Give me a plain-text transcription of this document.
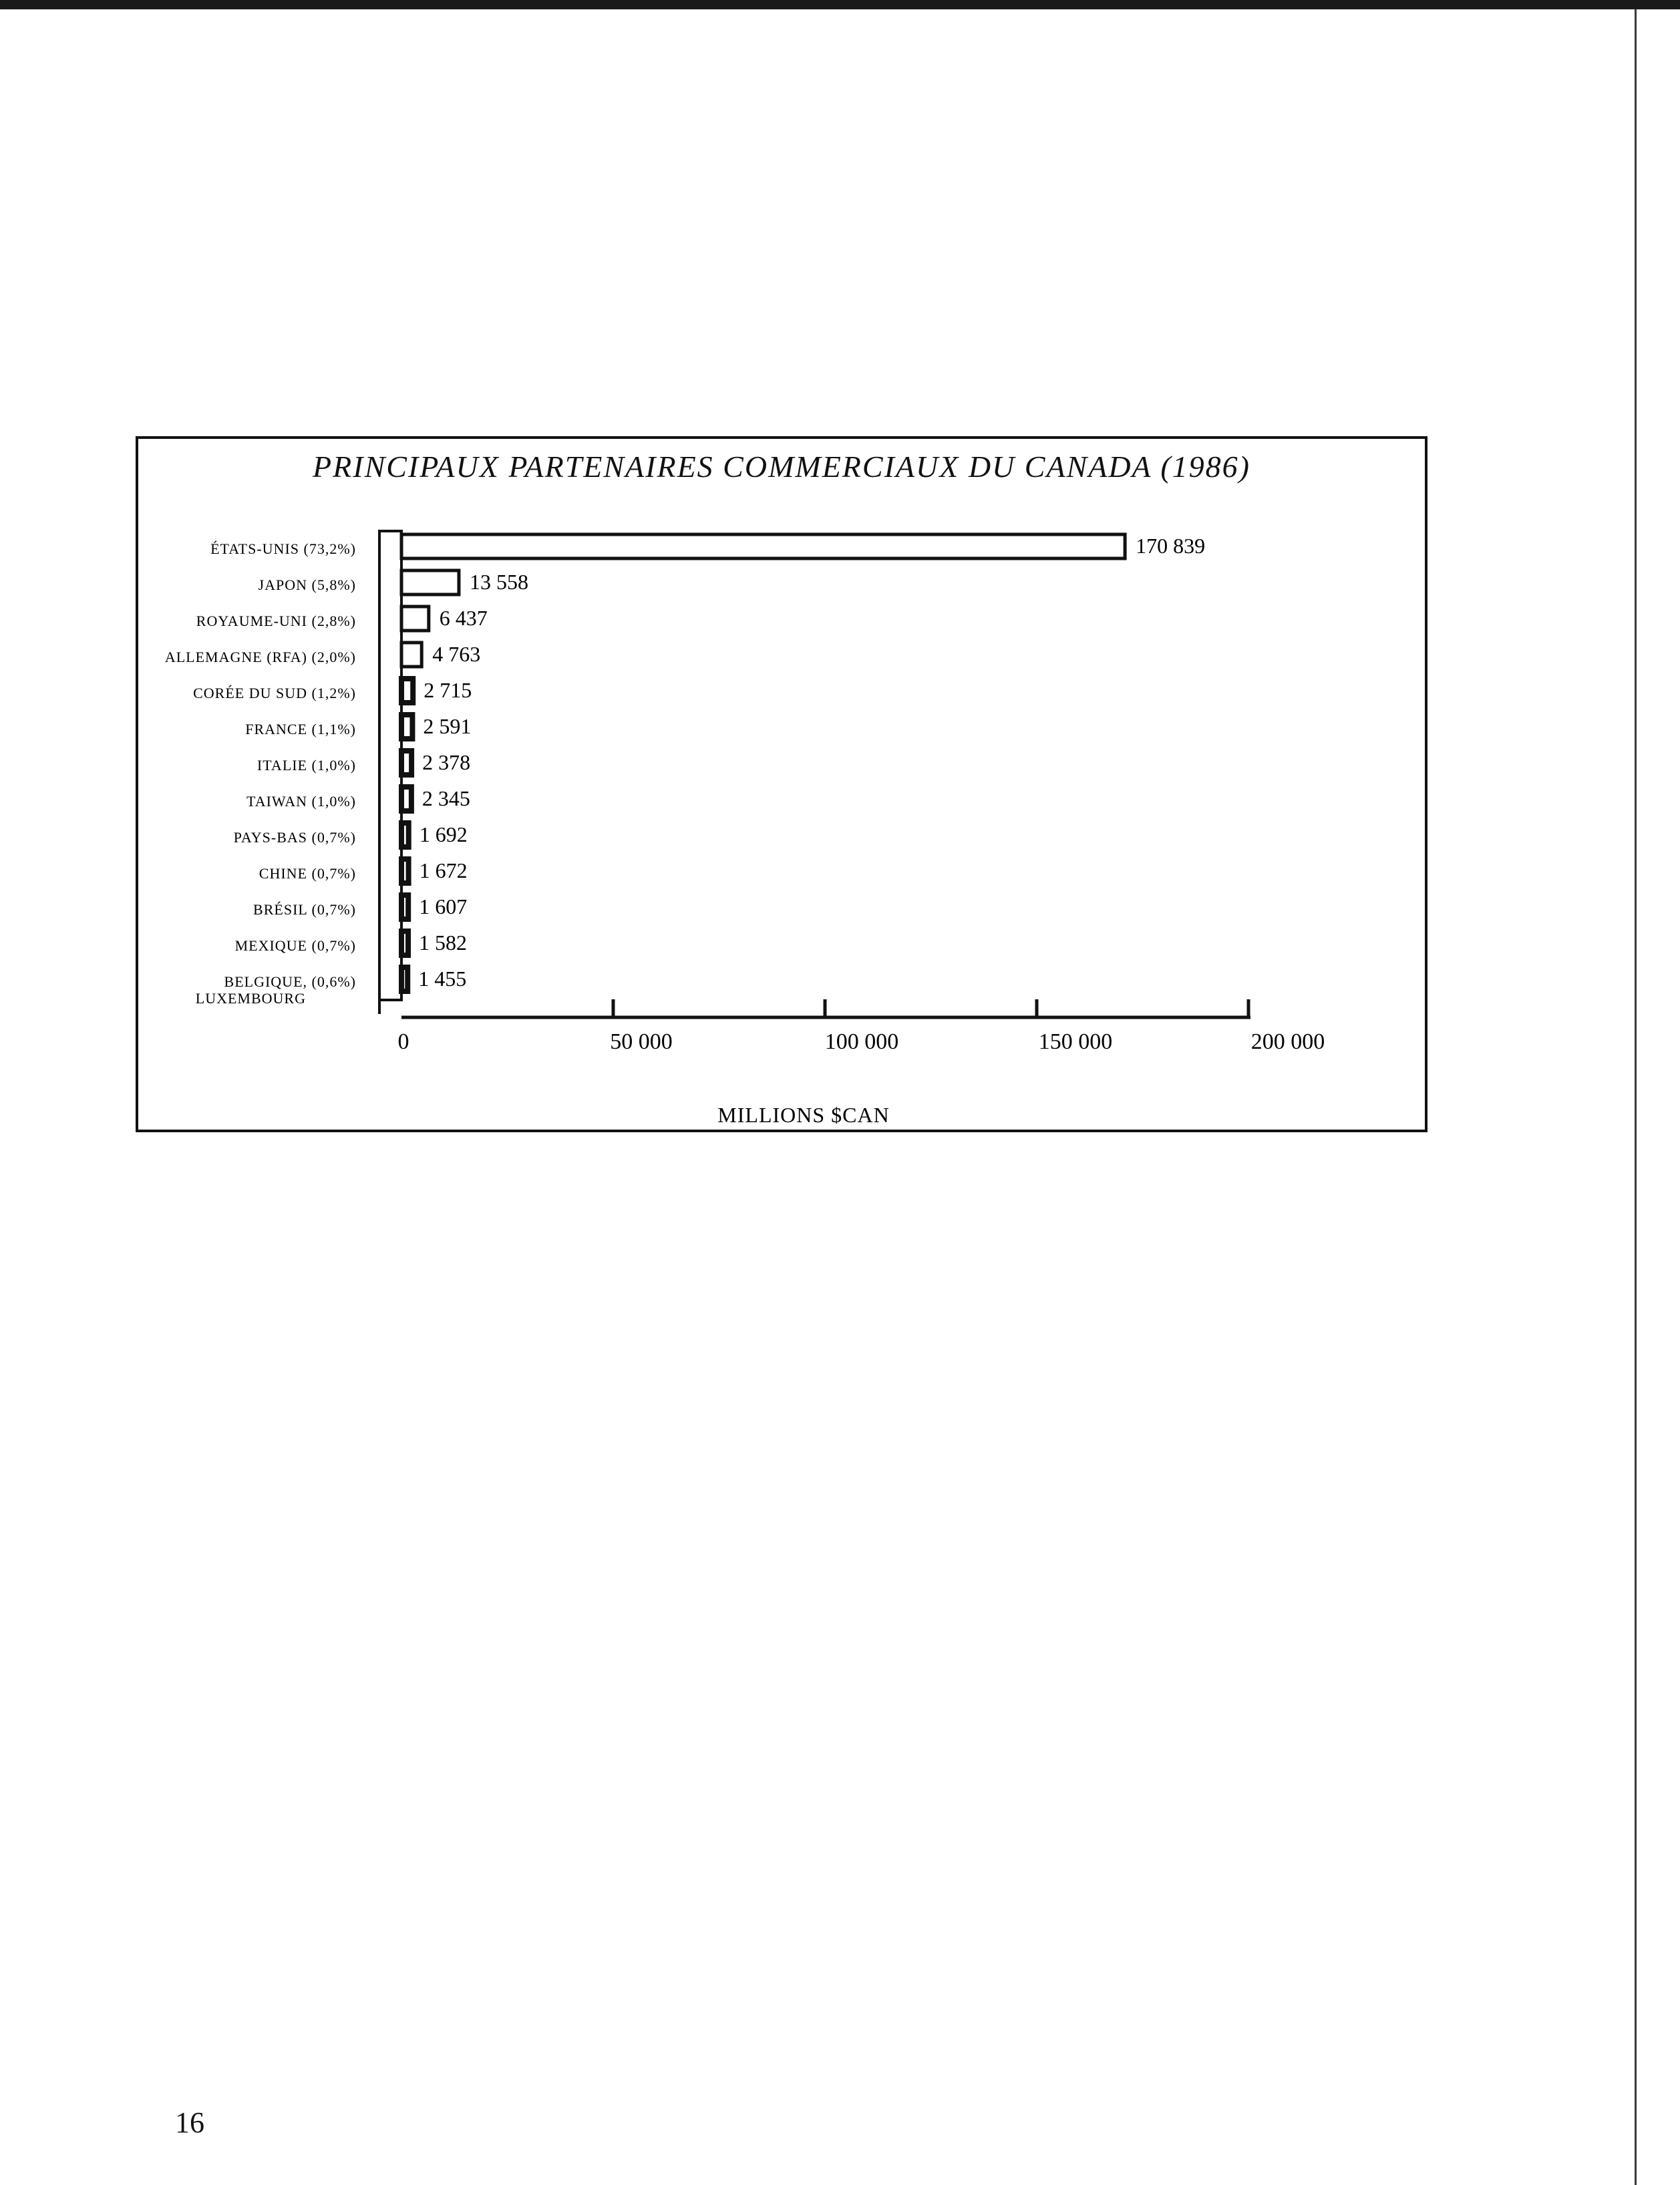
PRINCIPAUX PARTENAIRES COMMERCIAUX DU CANADA (1986)
0	50 000	100 000	150 000	200 000
MILLIONS $CAN
170 839
ÉTATS-UNIS (73,2%)
13 558
JAPON (5,8%)
6 437
ROYAUME-UNI (2,8%)
4 763
ALLEMAGNE (RFA) (2,0%)
2 715
CORÉE DU SUD (1,2%)
2 591
FRANCE (1,1%)
2 378
ITALIE (1,0%)
2 345
TAIWAN (1,0%)
1 692
PAYS-BAS (0,7%)
1 672
CHINE (0,7%)
1 607
BRÉSIL (0,7%)
1 582
MEXIQUE (0,7%)
1 455
BELGIQUE, (0,6%) LUXEMBOURG
16
